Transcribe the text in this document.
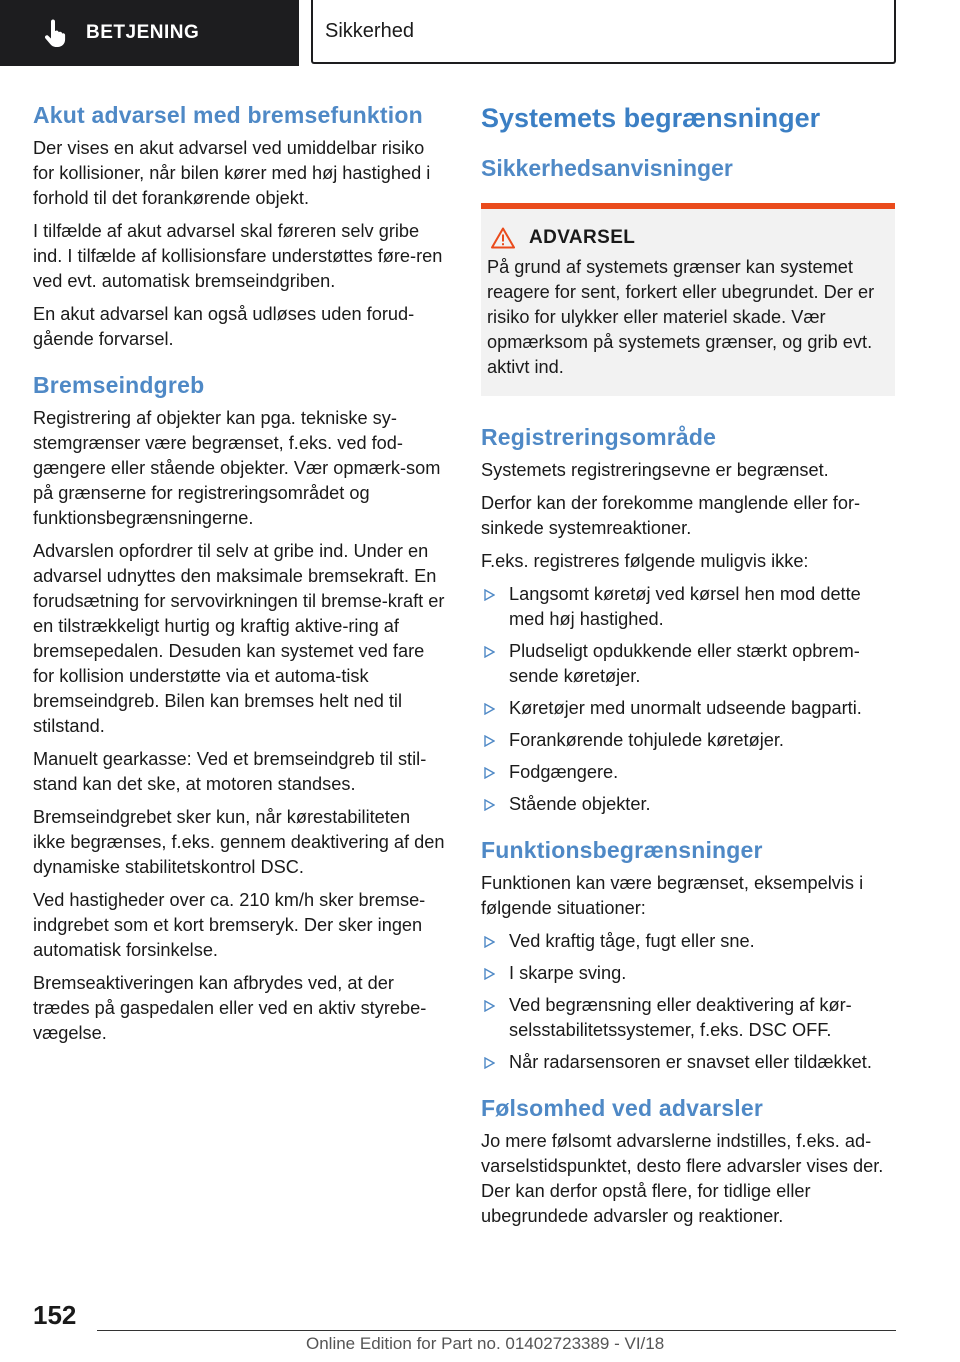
BETJENING	Sikkerhed
Akut advarsel med bremsefunktion

Der vises en akut advarsel ved umiddelbar risiko for kollisioner, når bilen kører med høj hastighed i forhold til det forankørende objekt.

I tilfælde af akut advarsel skal føreren selv gribe ind. I tilfælde af kollisionsfare understøttes føre-ren ved evt. automatisk bremseindgriben.

En akut advarsel kan også udløses uden forud-gående forvarsel.

Bremseindgreb

Registrering af objekter kan pga. tekniske sy-stemgrænser være begrænset, f.eks. ved fod-gængere eller stående objekter. Vær opmærk-som på grænserne for registreringsområdet og funktionsbegrænsningerne.

Advarslen opfordrer til selv at gribe ind. Under en advarsel udnyttes den maksimale bremsekraft. En forudsætning for servovirkningen til bremse-kraft er en tilstrækkeligt hurtig og kraftig aktive-ring af bremsepedalen. Desuden kan systemet ved fare for kollision understøtte via et automa-tisk bremseindgreb. Bilen kan bremses helt ned til stilstand.

Manuelt gearkasse: Ved et bremseindgreb til stil-stand kan det ske, at motoren standses.

Bremseindgrebet sker kun, når kørestabiliteten ikke begrænses, f.eks. gennem deaktivering af den dynamiske stabilitetskontrol DSC.

Ved hastigheder over ca. 210 km/h sker bremse-indgrebet som et kort bremseryk. Der sker ingen automatisk forsinkelse.

Bremseaktiveringen kan afbrydes ved, at der trædes på gaspedalen eller ved en aktiv styrebe-vægelse.

Systemets begrænsninger
Sikkerhedsanvisninger
ADVARSEL

På grund af systemets grænser kan systemet reagere for sent, forkert eller ubegrundet. Der er risiko for ulykker eller materiel skade. Vær opmærksom på systemets grænser, og grib evt. aktivt ind.

Registreringsområde

Systemets registreringsevne er begrænset.

Derfor kan der forekomme manglende eller for-sinkede systemreaktioner.

F.eks. registreres følgende muligvis ikke:

Langsomt køretøj ved kørsel hen mod dette med høj hastighed.
Pludseligt opdukkende eller stærkt opbrem-sende køretøjer.
Køretøjer med unormalt udseende bagparti.
Forankørende tohjulede køretøjer.
Fodgængere.
Stående objekter.
Funktionsbegrænsninger

Funktionen kan være begrænset, eksempelvis i følgende situationer:

Ved kraftig tåge, fugt eller sne.
I skarpe sving.
Ved begrænsning eller deaktivering af kør-selsstabilitetssystemer, f.eks. DSC OFF.
Når radarsensoren er snavset eller tildækket.
Følsomhed ved advarsler

Jo mere følsomt advarslerne indstilles, f.eks. ad-varselstidspunktet, desto flere advarsler vises der. Der kan derfor opstå flere, for tidlige eller ubegrundede advarsler og reaktioner.

152
Online Edition for Part no. 01402723389 - VI/18
